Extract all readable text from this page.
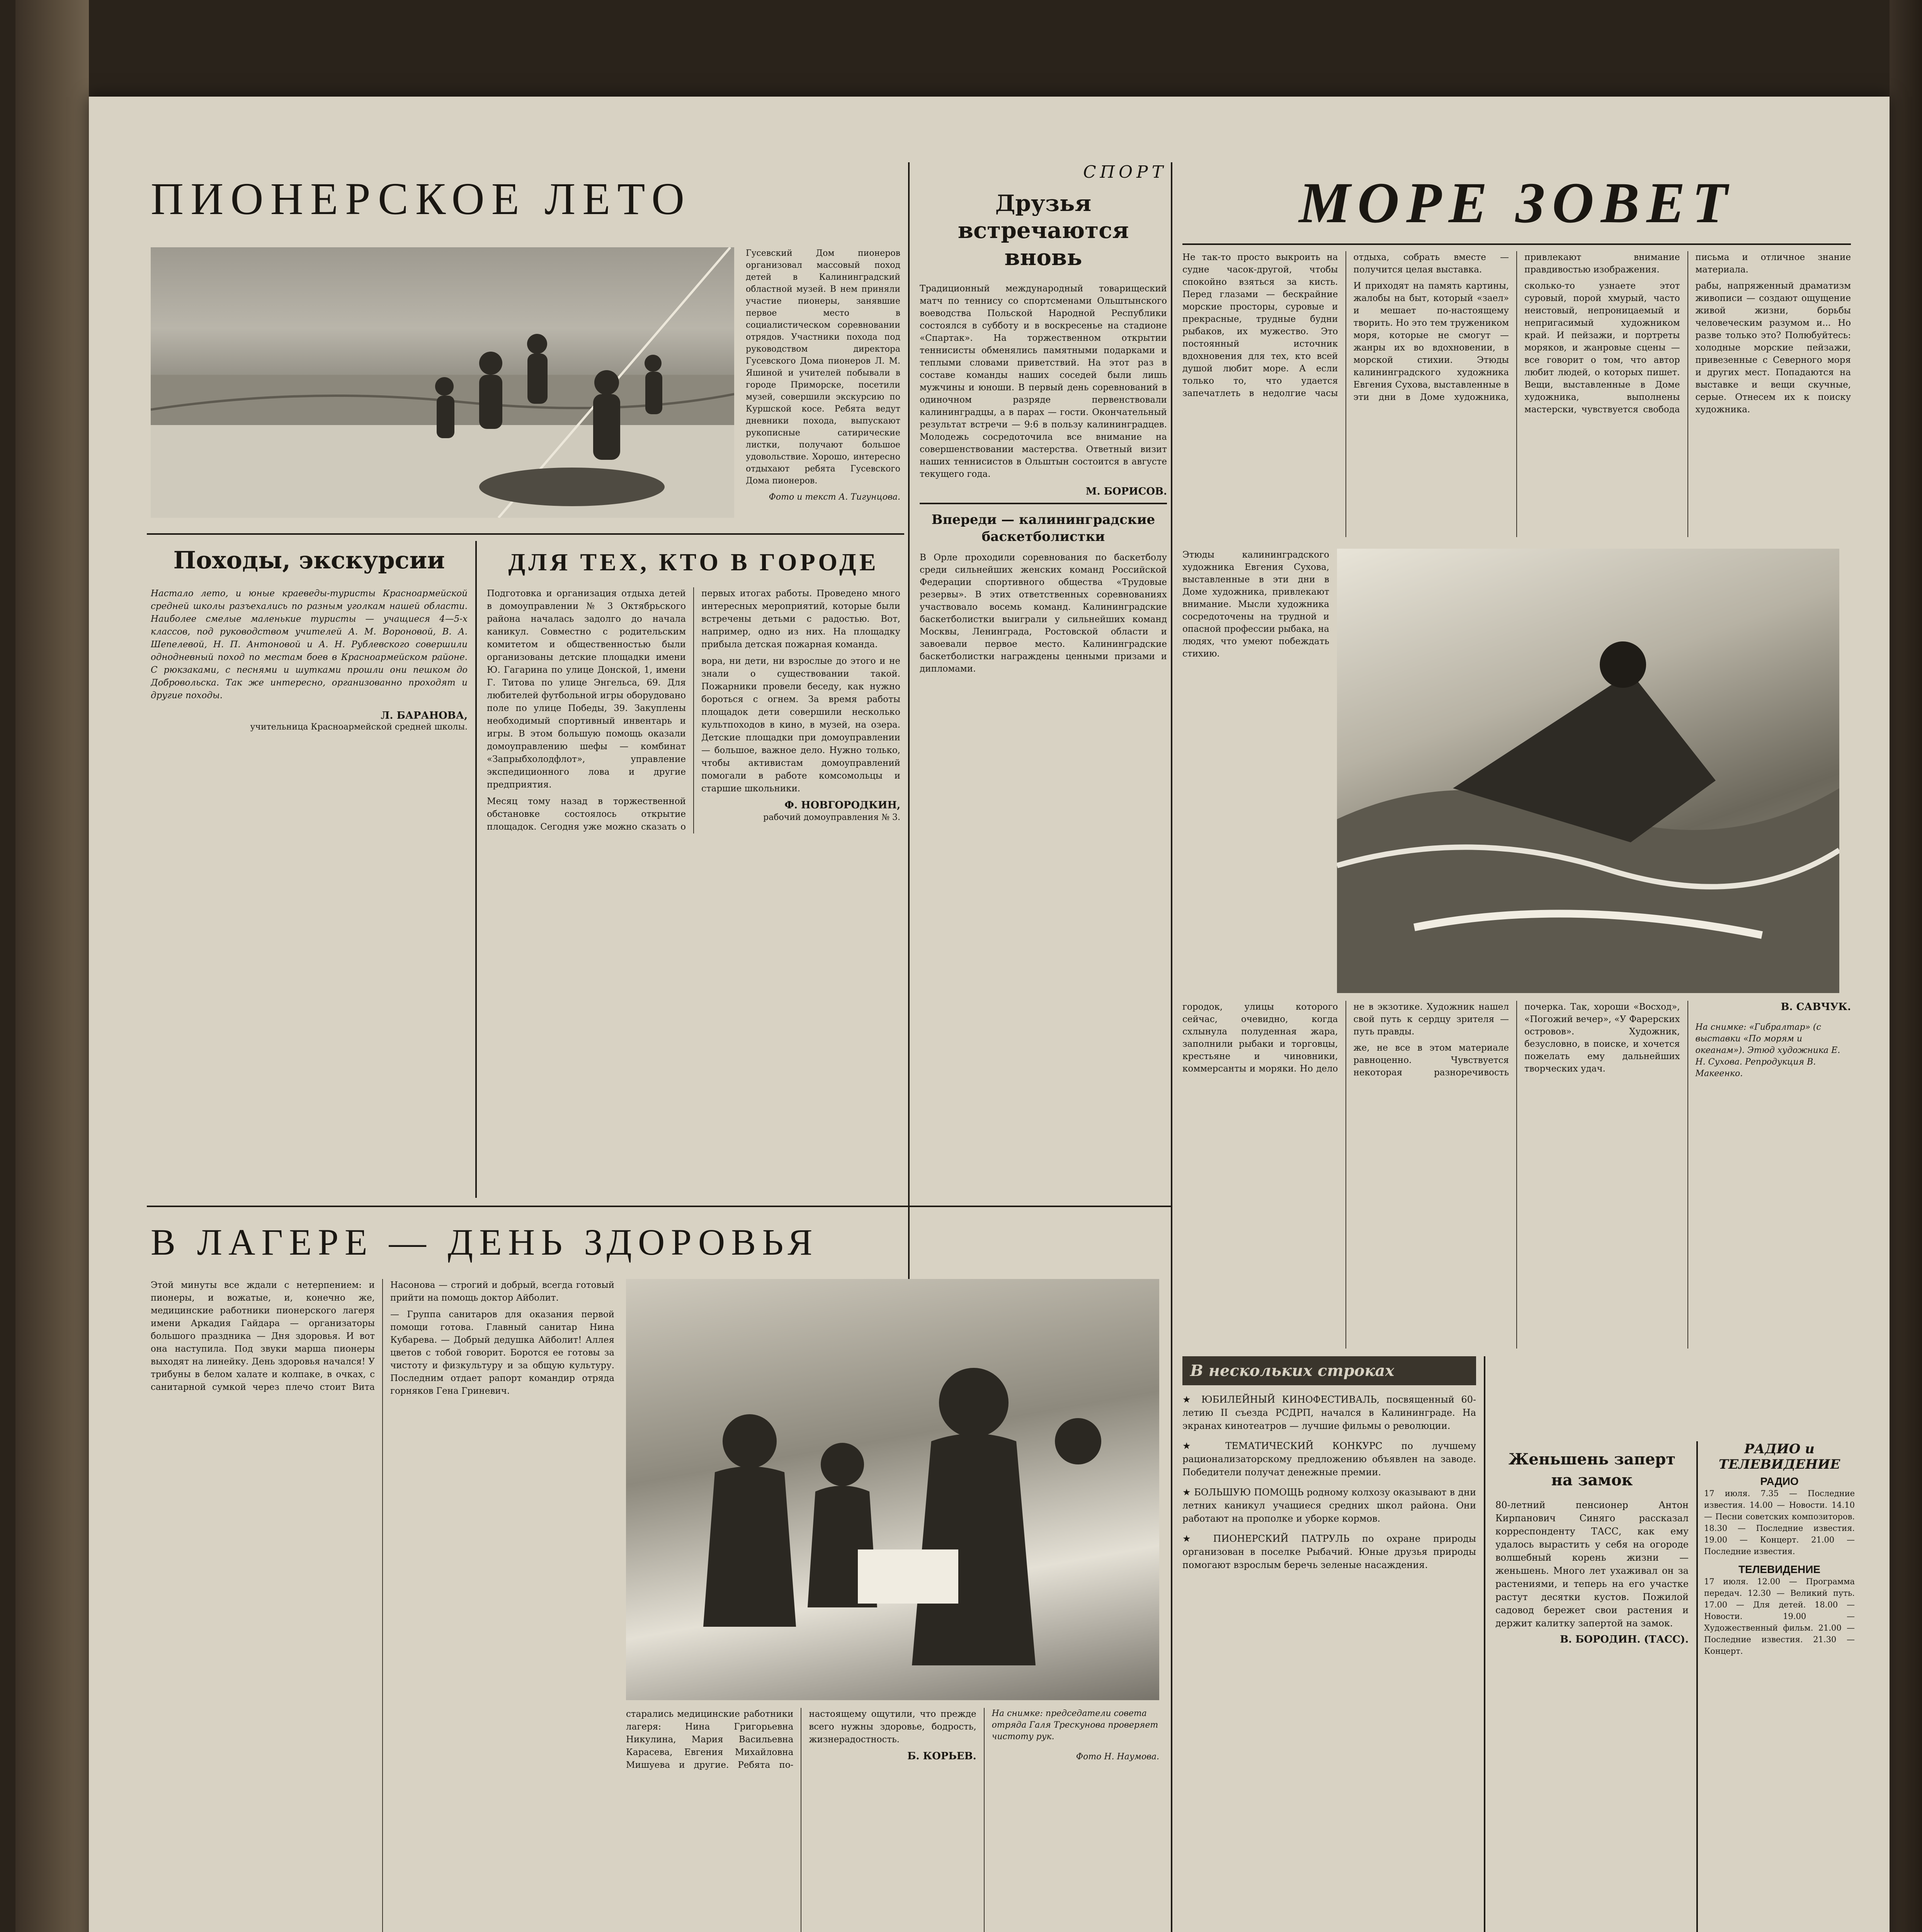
ПИОНЕРСКОЕ ЛЕТО

Гусевский Дом пионеров организовал массовый поход детей в Калининградский областной музей. В нем приняли участие пионеры, занявшие первое место в социалистическом соревновании отрядов. Участники похода под руководством директора Гусевского Дома пионеров Л. М. Яшиной и учителей побывали в городе Приморске, посетили музей, совершили экскурсию по Куршской косе. Ребята ведут дневники похода, выпускают рукописные сатирические листки, получают большое удовольствие. Хорошо, интересно отдыхают ребята Гусевского Дома пионеров.

Фото и текст А. Тигунцова.

СПОРТ
Друзья встречаются вновь

Традиционный международный товарищеский матч по теннису со спортсменами Ольштынского воеводства Польской Народной Республики состоялся в субботу и в воскресенье на стадионе «Спартак». На торжественном открытии теннисисты обменялись памятными подарками и теплыми словами приветствий. На этот раз в составе команды наших соседей были лишь мужчины и юноши. В первый день соревнований в одиночном разряде первенствовали калининградцы, а в парах — гости. Окончательный результат встречи — 9:6 в пользу калининградцев. Молодежь сосредоточила все внимание на совершенствовании мастерства. Ответный визит наших теннисистов в Ольштын состоится в августе текущего года.

М. БОРИСОВ.
Впереди — калининградские баскетболистки

В Орле проходили соревнования по баскетболу среди сильнейших женских команд Российской Федерации спортивного общества «Трудовые резервы». В этих ответственных соревнованиях участвовало восемь команд. Калининградские баскетболистки выиграли у сильнейших команд Москвы, Ленинграда, Ростовской области и завоевали первое место. Калининградские баскетболистки награждены ценными призами и дипломами.

МОРЕ ЗОВЕТ

Не так-то просто выкроить на судне часок-другой, чтобы спокойно взяться за кисть. Перед глазами — бескрайние морские просторы, суровые и прекрасные, трудные будни рыбаков, их мужество. Это постоянный источник вдохновения для тех, кто всей душой любит море. А если только то, что удается запечатлеть в недолгие часы отдыха, собрать вместе — получится целая выставка.

И приходят на память картины, жалобы на быт, который «заел» и мешает по-настоящему творить. Но это тем тружеником моря, которые не смогут — жанры их во вдохновении, в морской стихии. Этюды калининградского художника Евгения Сухова, выставленные в эти дни в Доме художника, привлекают внимание правдивостью изображения.

сколько-то узнаете этот суровый, порой хмурый, часто неистовый, непроницаемый и непригасимый художником край. И пейзажи, и портреты моряков, и жанровые сцены — все говорит о том, что автор любит людей, о которых пишет. Вещи, выставленные в Доме художника, выполнены мастерски, чувствуется свобода письма и отличное знание материала.

рабы, напряженный драматизм живописи — создают ощущение живой жизни, борьбы человеческим разумом и... Но разве только это? Полюбуйтесь: холодные морские пейзажи, привезенные с Северного моря и других мест. Попадаются на выставке и вещи скучные, серые. Отнесем их к поиску художника.

Этюды калининградского художника Евгения Сухова, выставленные в эти дни в Доме художника, привлекают внимание. Мысли художника сосредоточены на трудной и опасной профессии рыбака, на людях, что умеют побеждать стихию.

городок, улицы которого сейчас, очевидно, когда схлынула полуденная жара, заполнили рыбаки и торговцы, крестьяне и чиновники, коммерсанты и моряки. Но дело не в экзотике. Художник нашел свой путь к сердцу зрителя — путь правды.

же, не все в этом материале равноценно. Чувствуется некоторая разноречивость почерка. Так, хороши «Восход», «Погожий вечер», «У Фарерских островов». Художник, безусловно, в поиске, и хочется пожелать ему дальнейших творческих удач.

В. САВЧУК.

На снимке: «Гибралтар» (с выставки «По морям и океанам»). Этюд художника Е. Н. Сухова. Репродукция В. Макеенко.

Походы, экскурсии

Настало лето, и юные краеведы-туристы Красноармейской средней школы разъехались по разным уголкам нашей области. Наиболее смелые маленькие туристы — учащиеся 4—5-х классов, под руководством учителей А. М. Вороновой, В. А. Шепелевой, Н. П. Антоновой и А. Н. Рублевского совершили однодневный поход по местам боев в Красноармейском районе. С рюкзаками, с песнями и шутками прошли они пешком до Добровольска. Так же интересно, организованно проходят и другие походы.

Л. БАРАНОВА,
учительница Красноармейской средней школы.
ДЛЯ ТЕХ, КТО В ГОРОДЕ

Подготовка и организация отдыха детей в домоуправлении № 3 Октябрьского района началась задолго до начала каникул. Совместно с родительским комитетом и общественностью были организованы детские площадки имени Ю. Гагарина по улице Донской, 1, имени Г. Титова по улице Энгельса, 69. Для любителей футбольной игры оборудовано поле по улице Победы, 39. Закуплены необходимый спортивный инвентарь и игры. В этом большую помощь оказали домоуправлению шефы — комбинат «Запрыбхолодфлот», управление экспедиционного лова и другие предприятия.

Месяц тому назад в торжественной обстановке состоялось открытие площадок. Сегодня уже можно сказать о первых итогах работы. Проведено много интересных мероприятий, которые были встречены детьми с радостью. Вот, например, одно из них. На площадку прибыла детская пожарная команда.

вора, ни дети, ни взрослые до этого и не знали о существовании такой. Пожарники провели беседу, как нужно бороться с огнем. За время работы площадок дети совершили несколько культпоходов в кино, в музей, на озера. Детские площадки при домоуправлении — большое, важное дело. Нужно только, чтобы активистам домоуправлений помогали в работе комсомольцы и старшие школьники.

Ф. НОВГОРОДКИН,
рабочий домоуправления № 3.
В ЛАГЕРЕ — ДЕНЬ ЗДОРОВЬЯ

Этой минуты все ждали с нетерпением: и пионеры, и вожатые, и, конечно же, медицинские работники пионерского лагеря имени Аркадия Гайдара — организаторы большого праздника — Дня здоровья. И вот она наступила. Под звуки марша пионеры выходят на линейку. День здоровья начался! У трибуны в белом халате и колпаке, в очках, с санитарной сумкой через плечо стоит Вита Насонова — строгий и добрый, всегда готовый прийти на помощь доктор Айболит.

— Группа санитаров для оказания первой помощи готова. Главный санитар Нина Кубарева. — Добрый дедушка Айболит! Аллея цветов с тобой говорит. Боротся ее готовы за чистоту и физкультуру и за общую культуру. Последним отдает рапорт командир отряда горняков Гена Гриневич.

старались медицинские работники лагеря: Нина Григорьевна Никулина, Мария Васильевна Карасева, Евгения Михайловна Мишуева и другие. Ребята по-настоящему ощутили, что прежде всего нужны здоровье, бодрость, жизнерадостность.

Б. КОРЬЕВ.

На снимке: председатели совета отряда Галя Трескунова проверяет чистоту рук.

Фото Н. Наумова.
В нескольких строках

★ ЮБИЛЕЙНЫЙ КИНОФЕСТИВАЛЬ, посвященный 60-летию II съезда РСДРП, начался в Калининграде. На экранах кинотеатров — лучшие фильмы о революции.

★ ТЕМАТИЧЕСКИЙ КОНКУРС по лучшему рационализаторскому предложению объявлен на заводе. Победители получат денежные премии.

★ БОЛЬШУЮ ПОМОЩЬ родному колхозу оказывают в дни летних каникул учащиеся средних школ района. Они работают на прополке и уборке кормов.

★ ПИОНЕРСКИЙ ПАТРУЛЬ по охране природы организован в поселке Рыбачий. Юные друзья природы помогают взрослым беречь зеленые насаждения.

Женьшень заперт на замок

80-летний пенсионер Антон Кирпанович Синяго рассказал корреспонденту ТАСС, как ему удалось вырастить у себя на огороде волшебный корень жизни — женьшень. Много лет ухаживал он за растениями, и теперь на его участке растут десятки кустов. Пожилой садовод бережет свои растения и держит калитку запертой на замок.

В. БОРОДИН. (ТАСС).
РАДИО и ТЕЛЕВИДЕНИЕ
РАДИО

17 июля. 7.35 — Последние известия. 14.00 — Новости. 14.10 — Песни советских композиторов. 18.30 — Последние известия. 19.00 — Концерт. 21.00 — Последние известия.

ТЕЛЕВИДЕНИЕ

17 июля. 12.00 — Программа передач. 12.30 — Великий путь. 17.00 — Для детей. 18.00 — Новости. 19.00 — Художественный фильм. 21.00 — Последние известия. 21.30 — Концерт.
